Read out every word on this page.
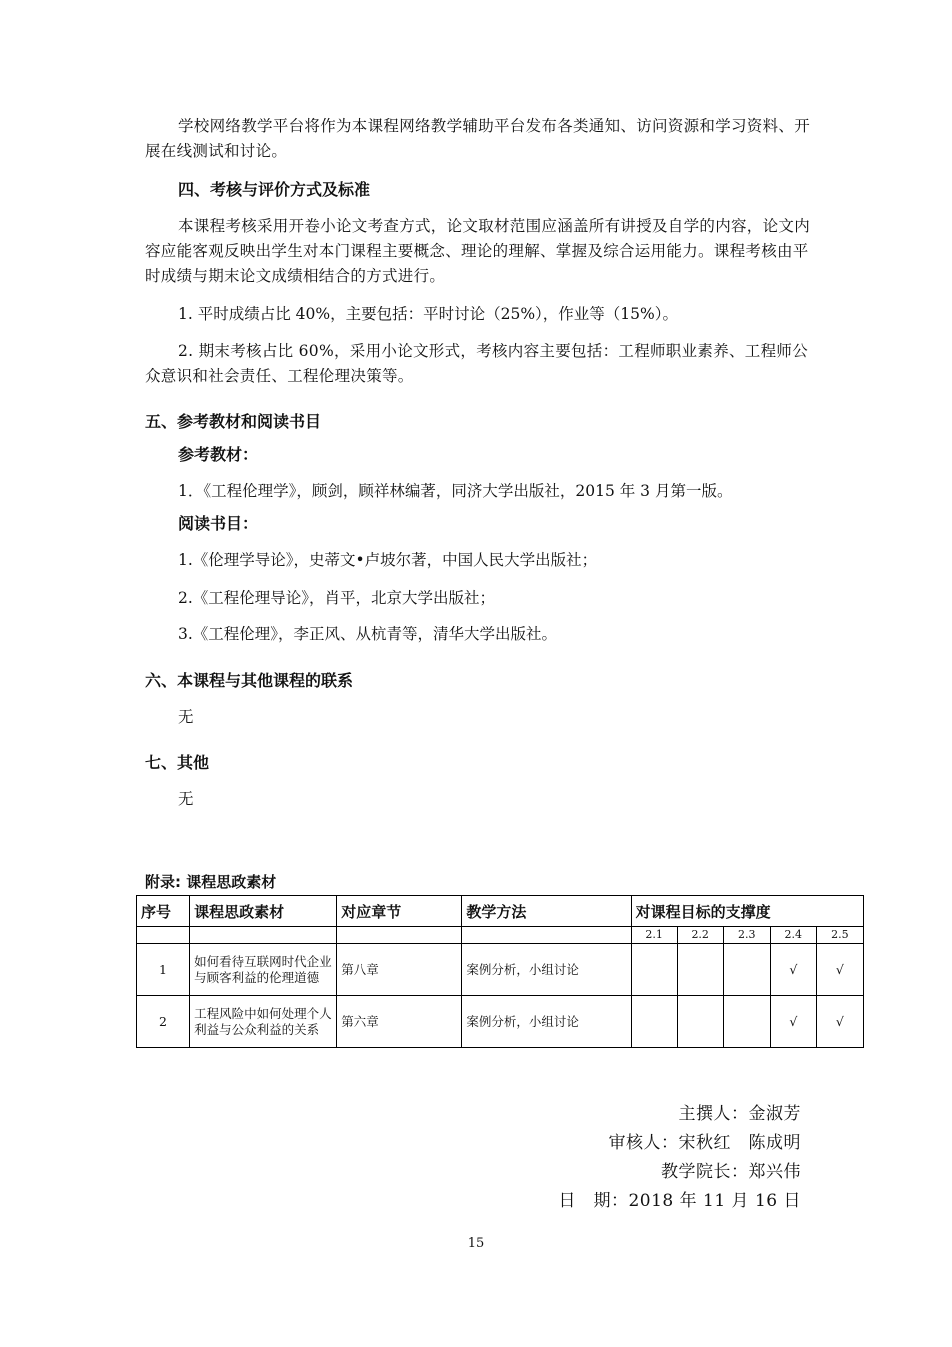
学校网络教学平台将作为本课程网络教学辅助平台发布各类通知、访问资源和学习资料、开展在线测试和讨论。
四、考核与评价方式及标准
本课程考核采用开卷小论文考查方式，论文取材范围应涵盖所有讲授及自学的内容，论文内容应能客观反映出学生对本门课程主要概念、理论的理解、掌握及综合运用能力。课程考核由平时成绩与期末论文成绩相结合的方式进行。
1. 平时成绩占比 40%，主要包括：平时讨论（25%），作业等（15%）。
2. 期末考核占比 60%，采用小论文形式，考核内容主要包括：工程师职业素养、工程师公众意识和社会责任、工程伦理决策等。
五、参考教材和阅读书目
参考教材：
1．《工程伦理学》，顾剑，顾祥林编著，同济大学出版社，2015 年 3 月第一版。
阅读书目：
1.《伦理学导论》，史蒂文•卢坡尔著，中国人民大学出版社；
2.《工程伦理导论》，肖平，北京大学出版社；
3.《工程伦理》，李正风、从杭青等，清华大学出版社。
六、本课程与其他课程的联系
无
七、其他
无
附录: 课程思政素材
序号	课程思政素材	对应章节	教学方法	对课程目标的支撑度				
				2.1	2.2	2.3	2.4	2.5
1	如何看待互联网时代企业与顾客利益的伦理道德	第八章	案例分析，小组讨论				√	√
2	工程风险中如何处理个人利益与公众利益的关系	第六章	案例分析，小组讨论				√	√
主撰人：金淑芳
审核人：宋秋红　陈成明
教学院长：郑兴伟
日　期：2018 年 11 月 16 日
15
